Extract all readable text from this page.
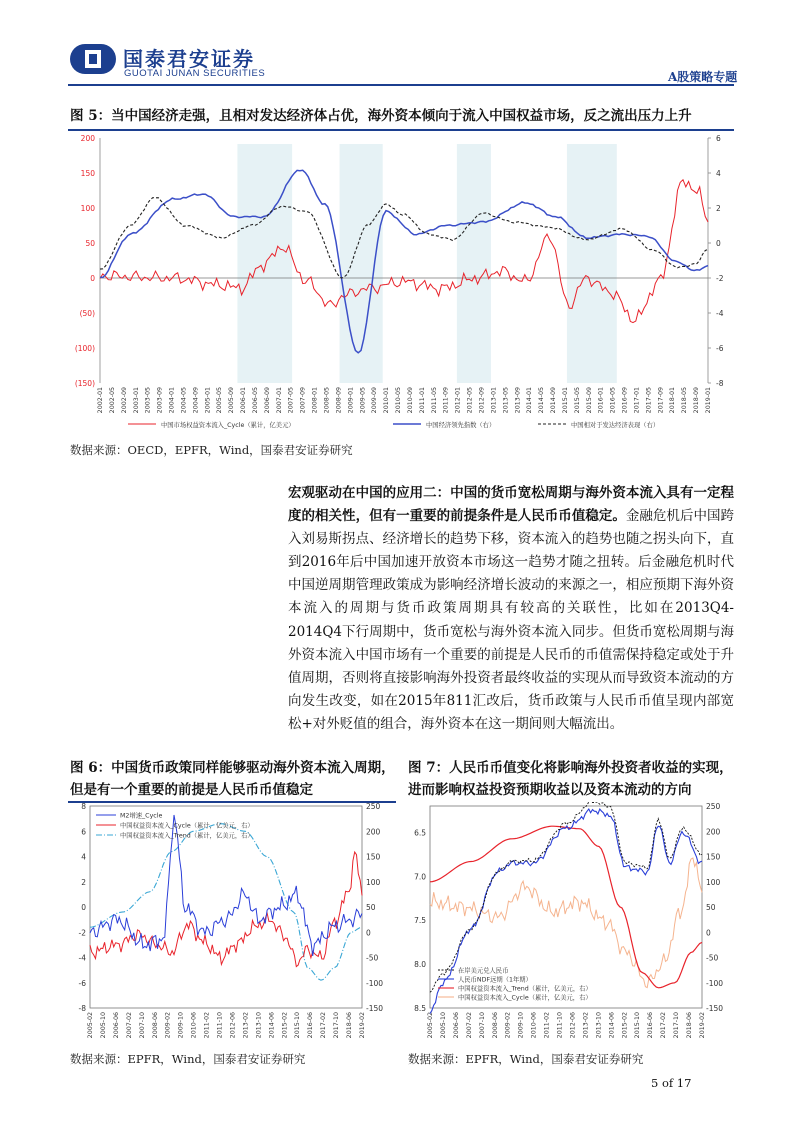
国泰君安证券
GUOTAI JUNAN SECURITIES	A股策略专题
图 5：当中国经济走强，且相对发达经济体占优，海外资本倾向于流入中国权益市场，反之流出压力上升
200
150
100
50
0
(50)
(100)
(150)
6
4
2
0
-2
-4
-6
-8
2002-01 2002-05 2002-09 2003-01 2003-05 2003-09 2004-01 2004-05 2004-09 2005-01 2005-05 2005-09 2006-01 2006-05 2006-09 2007-01 2007-05 2007-09 2008-01 2008-05 2008-09 2009-01 2009-05 2009-09 2010-01 2010-05 2010-09 2011-01 2011-05 2011-09 2012-01 2012-05 2012-09 2013-01 2013-05 2013-09 2014-01 2014-05 2014-09 2015-01 2015-05 2015-09 2016-01 2016-05 2016-09 2017-01 2017-05 2017-09 2018-01 2018-05 2018-09 2019-01
中国市场权益资本流入_Cycle（累计，亿美元）	中国经济领先指数（右）	中国相对于发达经济表现（右）
数据来源：OECD，EPFR，Wind，国泰君安证券研究
宏观驱动在中国的应用二：中国的货币宽松周期与海外资本流入具有一定程度的相关性，但有一重要的前提条件是人民币币值稳定。金融危机后中国跨入刘易斯拐点、经济增长的趋势下移，资本流入的趋势也随之拐头向下，直到2016年后中国加速开放资本市场这一趋势才随之扭转。后金融危机时代中国逆周期管理政策成为影响经济增长波动的来源之一，相应预期下海外资本流入的周期与货币政策周期具有较高的关联性，比如在2013Q4-2014Q4下行周期中，货币宽松与海外资本流入同步。但货币宽松周期与海外资本流入中国市场有一个重要的前提是人民币的币值需保持稳定或处于升值周期，否则将直接影响海外投资者最终收益的实现从而导致资本流动的方向发生改变，如在2015年811汇改后，货币政策与人民币币值呈现内部宽松+对外贬值的组合，海外资本在这一期间则大幅流出。
图 6：中国货币政策同样能够驱动海外资本流入周期，
但是有一个重要的前提是人民币币值稳定
8
6
4
2
0
-2
-4
-6
-8
250
200
150
100
50
0
-50
-100
-150
2005-02 2005-10 2006-06 2007-02 2007-10 2008-06 2009-02 2009-10 2010-06 2011-02 2011-10 2012-06 2013-02 2013-10 2014-06 2015-02 2015-10 2016-06 2017-02 2017-10 2018-06 2019-02
M2增速_Cycle
中国权益资本流入_Cycle（累计，亿美元，右）
中国权益资本流入_Trend（累计，亿美元，右）
数据来源：EPFR，Wind，国泰君安证券研究
图 7：人民币币值变化将影响海外投资者收益的实现，
进而影响权益投资预期收益以及资本流动的方向
6.5
7.0
7.5
8.0
8.5
250
200
150
100
50
0
-50
-100
-150
2005-02 2005-10 2006-06 2007-02 2007-10 2008-06 2009-02 2009-10 2010-06 2011-02 2011-10 2012-06 2013-02 2013-10 2014-06 2015-02 2015-10 2016-06 2017-02 2017-10 2018-06 2019-02
在岸美元兑人民币
人民币NDF远期（1年期）
中国权益资本流入_Trend（累计，亿美元，右）
中国权益资本流入_Cycle（累计，亿美元，右）
数据来源：EPFR，Wind，国泰君安证券研究
5 of 17
